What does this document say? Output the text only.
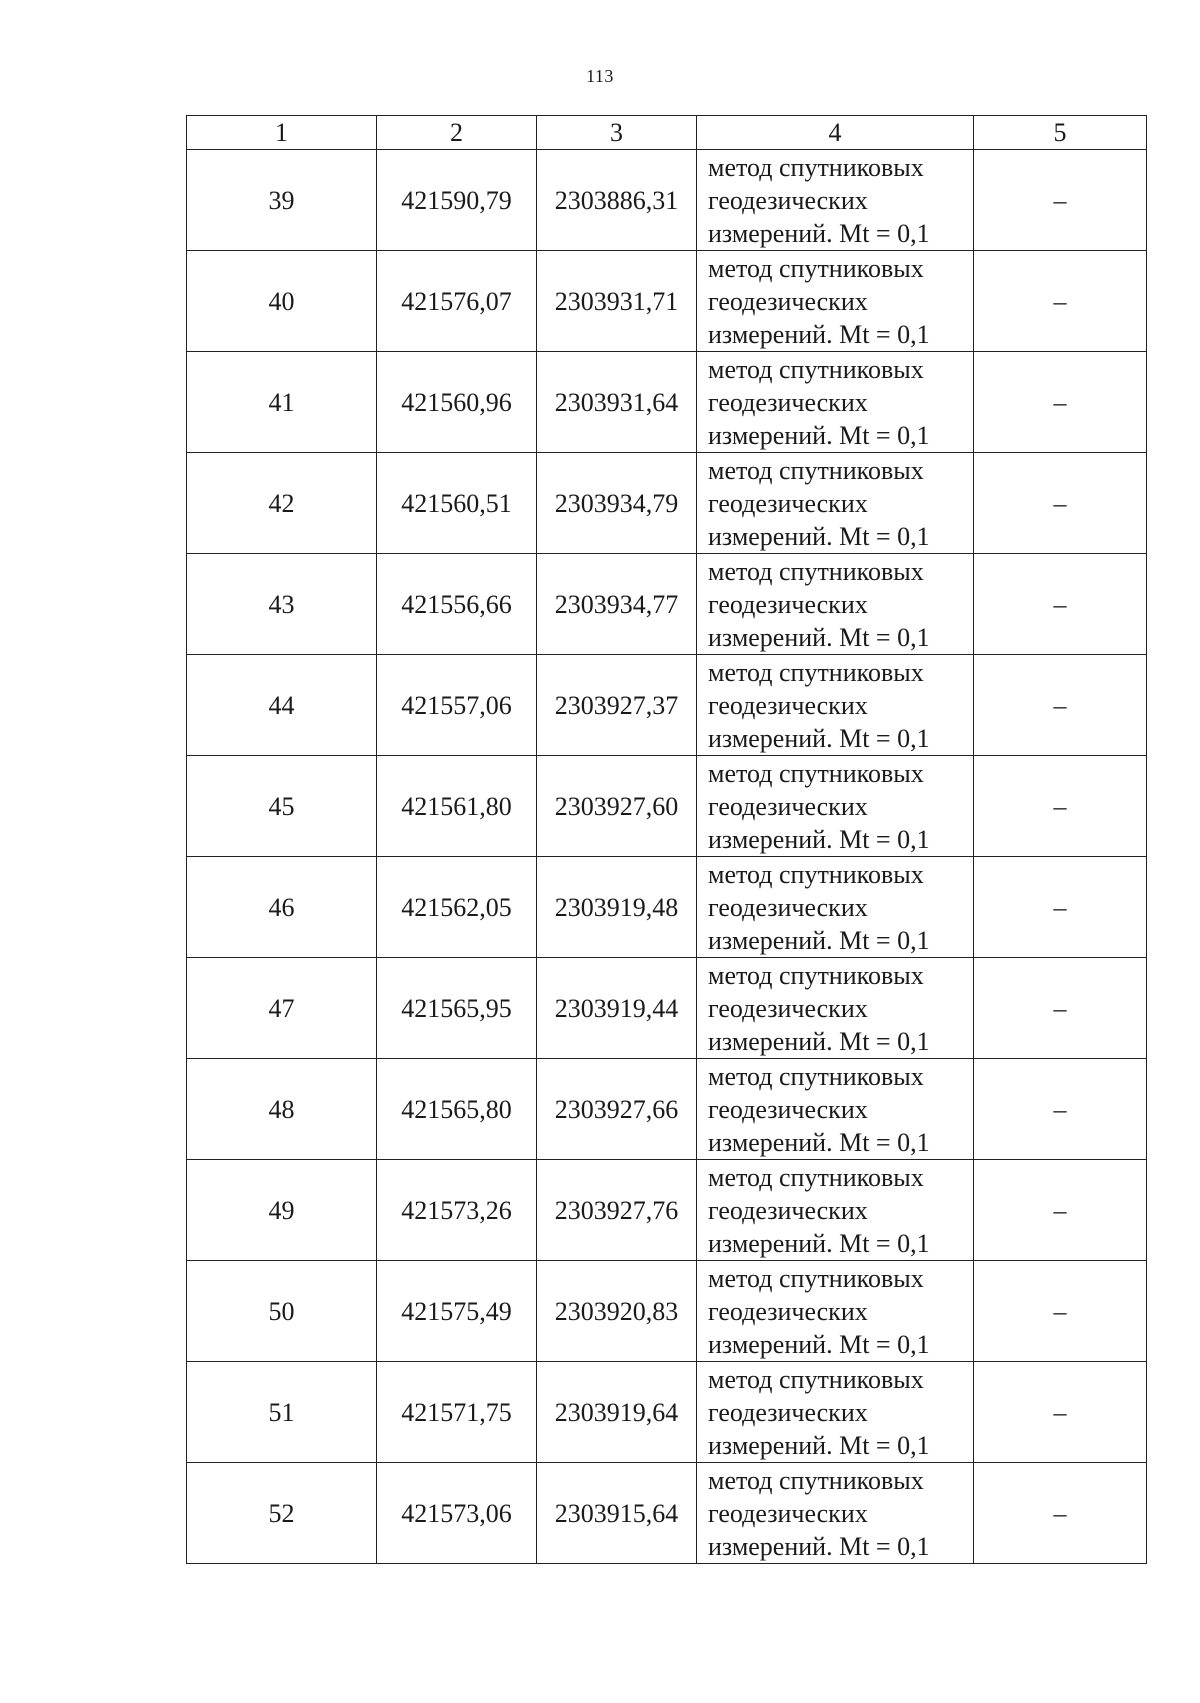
113
1	2	3	4	5
39	421590,79	2303886,31	метод спутниковых
геодезических
измерений. Mt = 0,1	–
40	421576,07	2303931,71	метод спутниковых
геодезических
измерений. Mt = 0,1	–
41	421560,96	2303931,64	метод спутниковых
геодезических
измерений. Mt = 0,1	–
42	421560,51	2303934,79	метод спутниковых
геодезических
измерений. Mt = 0,1	–
43	421556,66	2303934,77	метод спутниковых
геодезических
измерений. Mt = 0,1	–
44	421557,06	2303927,37	метод спутниковых
геодезических
измерений. Mt = 0,1	–
45	421561,80	2303927,60	метод спутниковых
геодезических
измерений. Mt = 0,1	–
46	421562,05	2303919,48	метод спутниковых
геодезических
измерений. Mt = 0,1	–
47	421565,95	2303919,44	метод спутниковых
геодезических
измерений. Mt = 0,1	–
48	421565,80	2303927,66	метод спутниковых
геодезических
измерений. Mt = 0,1	–
49	421573,26	2303927,76	метод спутниковых
геодезических
измерений. Mt = 0,1	–
50	421575,49	2303920,83	метод спутниковых
геодезических
измерений. Mt = 0,1	–
51	421571,75	2303919,64	метод спутниковых
геодезических
измерений. Mt = 0,1	–
52	421573,06	2303915,64	метод спутниковых
геодезических
измерений. Mt = 0,1	–
